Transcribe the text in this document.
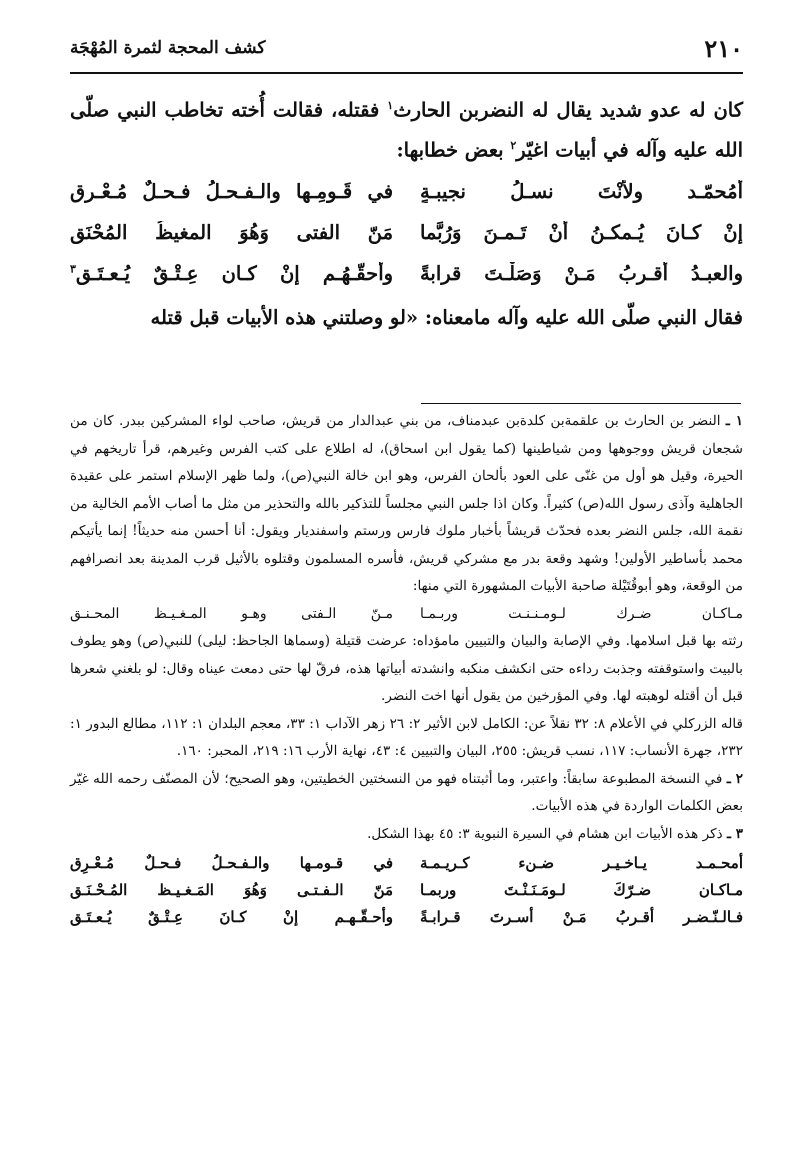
كشف المحجة لثمرة المُهْجَة	٢١٠

كان له عدو شديد يقال له النضربن الحارث$^١$ فقتله، فقالت أُخته تخاطب النبي صلّى الله عليه وآله في أبيات اغيّر$^٢$ بعض خطابها:

أَمُحمّـد ولأنْتَ نسـلُ نجيبـةٍ
في قَـومِـها والـفـحـلُ فـحـلٌ مُـعْـرِق
إنْ كـانَ يُـمكـنُ أنْ تَـمـنَ وَرُبَّما
مَنّ الفتى وَهُوَ المغيظُ المُحْنَق
والعبـدُ أقـربُ مَـنْ وَصَلْـتَ قرابةً
وأحقّـهُـم إنْ كـان عِـتْـقٌ يُـعـتَـق$^٣$
فقال النبي صلّى الله عليه وآله مامعناه: «لو وصلتني هذه الأبيات قبل قتله

١ ـ النضر بن الحارث بن علقمةبن كلدةبن عبدمناف، من بني عبدالدار من قريش، صاحب لواء المشركين ببدر. كان من شجعان قريش ووجوهها ومن شياطينها (كما يقول ابن اسحاق)، له اطلاع على كتب الفرس وغيرهم، قرأ تاريخهم في الحيرة، وقيل هو أول من غنّى على العود بألحان الفرس، وهو ابن خالة النبي(ص)، ولما ظهر الإسلام استمر على عقيدة الجاهلية وآذى رسول الله(ص) كثيراً. وكان اذا جلس النبي مجلساً للتذكير بالله والتحذير من مثل ما أصاب الأمم الخالية من نقمة الله، جلس النضر بعده فحدّث قريشاً بأخبار ملوك فارس ورستم واسفنديار ويقول: أنا أحسن منه حديثاً! إنما يأتيكم محمد بأساطير الأولين! وشهد وقعة بدر مع مشركي قريش، فأسره المسلمون وقتلوه بالأثيل قرب المدينة بعد انصرافهم من الوقعة، وهو أبوقُتَيْلة صاحبة الأبيات المشهورة التي منها:

مـاكـان ضـرك لـومـنـنـت وربـمـا
مـنّ الـفتى وهـو المـغـيـظ المحـنـق

رثته بها قبل اسلامها. وفي الإصابة والبيان والتبيين مامؤداه: عرضت قتيلة (وسماها الجاحظ: ليلى) للنبي(ص) وهو يطوف بالبيت واستوقفته وجذبت رداءه حتى انكشف منكبه وانشدته أبياتها هذه، فرقّ لها حتى دمعت عيناه وقال: لو بلغني شعرها قبل أن أقتله لوهبته لها. وفي المؤرخين من يقول أنها اخت النضر.

قاله الزركلي في الأعلام ٨: ٣٢ نقلاً عن: الكامل لابن الأثير ٢: ٢٦ زهر الآداب ١: ٣٣، معجم البلدان ١: ١١٢، مطالع البدور ١: ٢٣٢، جهرة الأنساب: ١١٧، نسب قريش: ٢٥٥، البيان والتبيين ٤: ٤٣، نهاية الأرب ١٦: ٢١٩، المحبر: ١٦٠.

٢ ـ في النسخة المطبوعة سابقاً: واعتبر، وما أثبتناه فهو من النسختين الخطيتين، وهو الصحيح؛ لأن المصنّف رحمه الله غيّر بعض الكلمات الواردة في هذه الأبيات.

٣ ـ ذكر هذه الأبيات ابن هشام في السيرة النبوية ٣: ٤٥ بهذا الشكل.

أمحـمـد يـاخـيـر ضـنء كـريـمـة
في قـومـها والـفـحـلُ فـحـلٌ مُـعْـرِق
مـاكـان ضـرّكَ لـومَـنَـنْـتَ وربمـا
مَنّ الـفـتـى وَهُوَ المَـغـيـظ المُـحْـنَـق
فـالـنّـضـر أقـربُ مَـنْ أسـرتَ قـرابـةً
وأحـقّـهـم إنْ كـانَ عِـتْـقٌ يُـعـتَـق
